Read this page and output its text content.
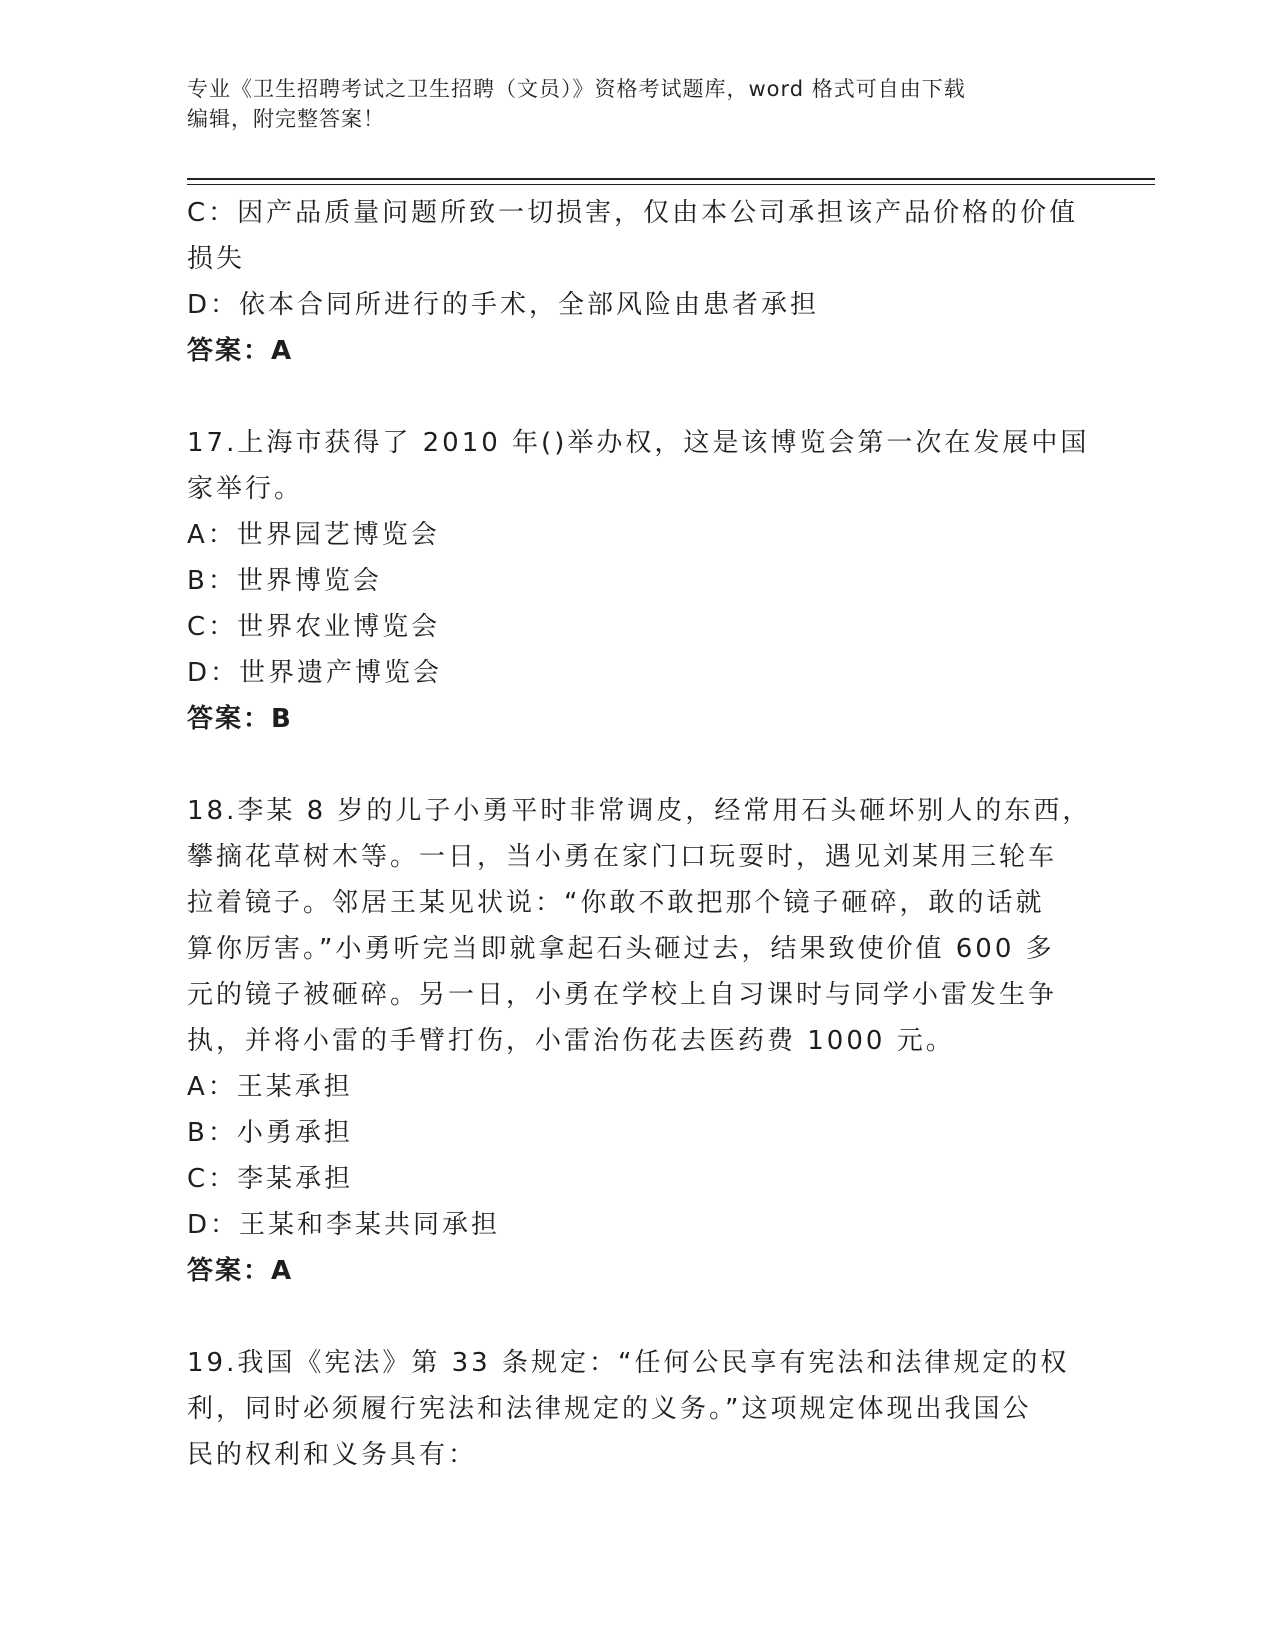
专业《卫生招聘考试之卫生招聘（文员）》资格考试题库，word 格式可自由下载
编辑，附完整答案！
C：因产品质量问题所致一切损害，仅由本公司承担该产品价格的价值
损失
D：依本合同所进行的手术，全部风险由患者承担
答案：A
17.上海市获得了 2010 年()举办权，这是该博览会第一次在发展中国
家举行。
A：世界园艺博览会
B：世界博览会
C：世界农业博览会
D：世界遗产博览会
答案：B
18.李某 8 岁的儿子小勇平时非常调皮，经常用石头砸坏别人的东西，
攀摘花草树木等。一日，当小勇在家门口玩耍时，遇见刘某用三轮车
拉着镜子。邻居王某见状说：“你敢不敢把那个镜子砸碎，敢的话就
算你厉害。”小勇听完当即就拿起石头砸过去，结果致使价值 600 多
元的镜子被砸碎。另一日，小勇在学校上自习课时与同学小雷发生争
执，并将小雷的手臂打伤，小雷治伤花去医药费 1000 元。
A：王某承担
B：小勇承担
C：李某承担
D：王某和李某共同承担
答案：A
19.我国《宪法》第 33 条规定：“任何公民享有宪法和法律规定的权
利，同时必须履行宪法和法律规定的义务。”这项规定体现出我国公
民的权利和义务具有：
